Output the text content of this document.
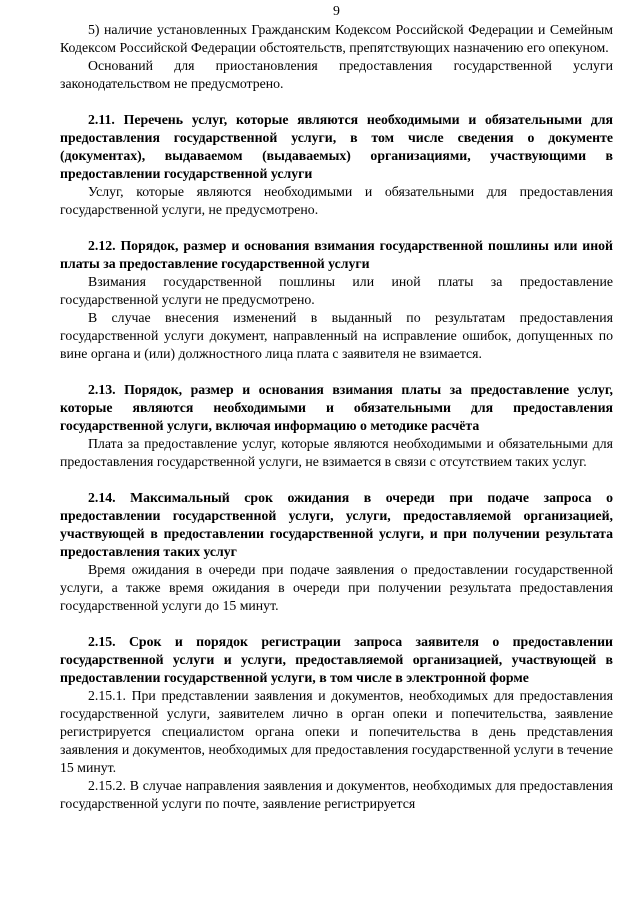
9

5) наличие установленных Гражданским Кодексом Российской Федерации и Семейным Кодексом Российской Федерации обстоятельств, препятствующих назначению его опекуном.

Оснований для приостановления предоставления государственной услуги законодательством не предусмотрено.

2.11. Перечень услуг, которые являются необходимыми и обязательными для предоставления государственной услуги, в том числе сведения о документе (документах), выдаваемом (выдаваемых) организациями, участвующими в предоставлении государственной услуги

Услуг, которые являются необходимыми и обязательными для предоставления государственной услуги, не предусмотрено.

2.12. Порядок, размер и основания взимания государственной пошлины или иной платы за предоставление государственной услуги

Взимания государственной пошлины или иной платы за предоставление государственной услуги не предусмотрено.

В случае внесения изменений в выданный по результатам предоставления государственной услуги документ, направленный на исправление ошибок, допущенных по вине органа и (или) должностного лица плата с заявителя не взимается.

2.13. Порядок, размер и основания взимания платы за предоставление услуг, которые являются необходимыми и обязательными для предоставления государственной услуги, включая информацию о методике расчёта

Плата за предоставление услуг, которые являются необходимыми и обязательными для предоставления государственной услуги, не взимается в связи с отсутствием таких услуг.

2.14. Максимальный срок ожидания в очереди при подаче запроса о предоставлении государственной услуги, услуги, предоставляемой организацией, участвующей в предоставлении государственной услуги, и при получении результата предоставления таких услуг

Время ожидания в очереди при подаче заявления о предоставлении государственной услуги, а также время ожидания в очереди при получении результата предоставления государственной услуги до 15 минут.

2.15. Срок и порядок регистрации запроса заявителя о предоставлении государственной услуги и услуги, предоставляемой организацией, участвующей в предоставлении государственной услуги, в том числе в электронной форме

2.15.1. При представлении заявления и документов, необходимых для предоставления государственной услуги, заявителем лично в орган опеки и попечительства, заявление регистрируется специалистом органа опеки и попечительства в день представления заявления и документов, необходимых для предоставления государственной услуги в течение 15 минут.

2.15.2. В случае направления заявления и документов, необходимых для предоставления государственной услуги по почте, заявление регистрируется
